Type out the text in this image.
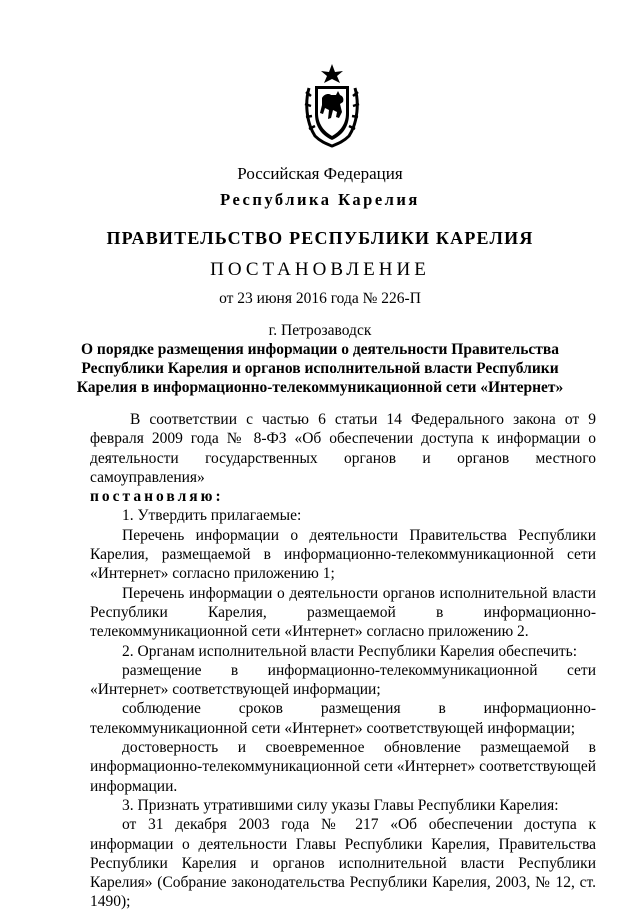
Российская Федерация
Республика Карелия
ПРАВИТЕЛЬСТВО РЕСПУБЛИКИ КАРЕЛИЯ
ПОСТАНОВЛЕНИЕ
от 23 июня 2016 года № 226-П
г. Петрозаводск
О порядке размещения информации о деятельности Правительства
Республики Карелия и органов исполнительной власти Республики
Карелия в информационно-телекоммуникационной сети «Интернет»

В соответствии с частью 6 статьи 14 Федерального закона от 9 февраля 2009 года № 8-ФЗ «Об обеспечении доступа к информации о деятельности государственных органов и органов местного самоуправления»

постановляю:

1. Утвердить прилагаемые:

Перечень информации о деятельности Правительства Республики Карелия, размещаемой в информационно-телекоммуникационной сети «Интернет» согласно приложению 1;

Перечень информации о деятельности органов исполнительной власти Республики Карелия, размещаемой в информационно-телекоммуникационной сети «Интернет» согласно приложению 2.

2. Органам исполнительной власти Республики Карелия обеспечить:

размещение в информационно-телекоммуникационной сети «Интернет» соответствующей информации;

соблюдение сроков размещения в информационно-телекоммуникационной сети «Интернет» соответствующей информации;

достоверность и своевременное обновление размещаемой в информационно-телекоммуникационной сети «Интернет» соответствующей информации.

3. Признать утратившими силу указы Главы Республики Карелия:

от 31 декабря 2003 года № 217 «Об обеспечении доступа к информации о деятельности Главы Республики Карелия, Правительства Республики Карелия и органов исполнительной власти Республики Карелия» (Собрание законодательства Республики Карелия, 2003, № 12, ст. 1490);
